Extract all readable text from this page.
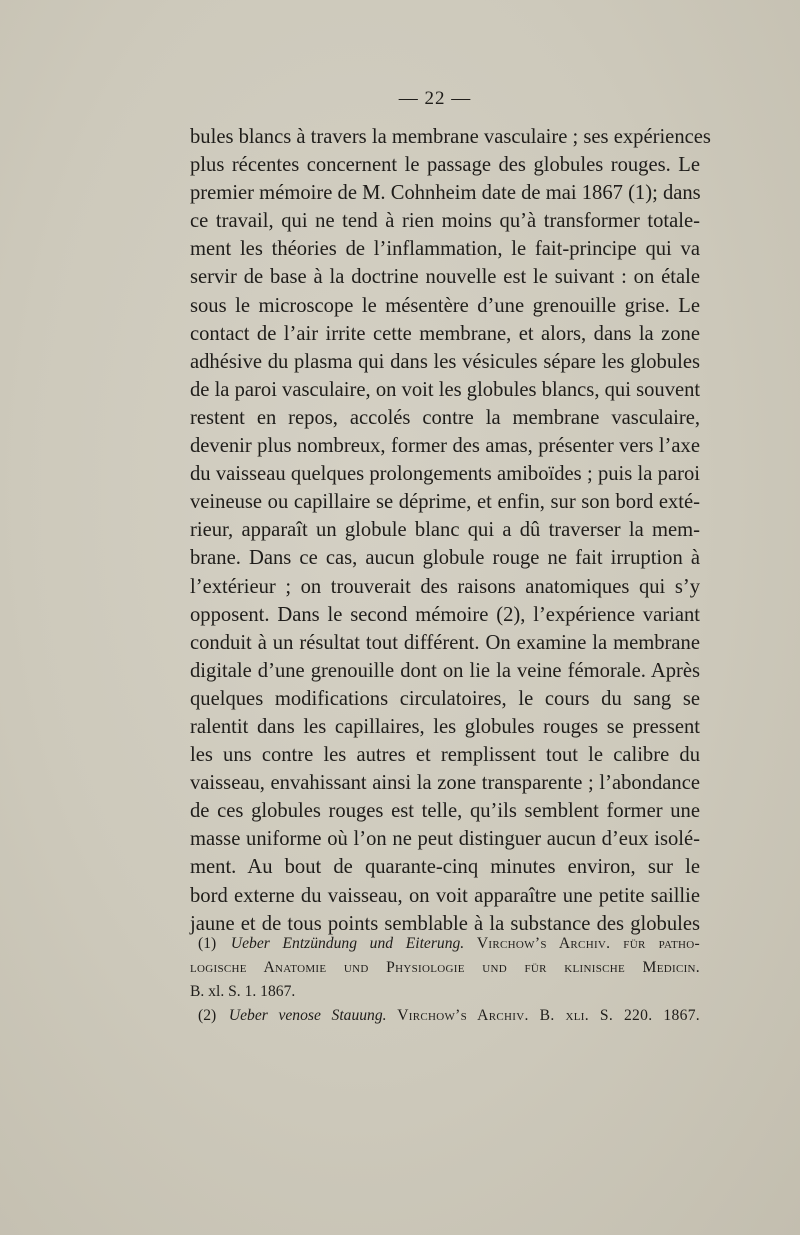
— 22 —
bules blancs à travers la membrane vasculaire ; ses expériences
plus récentes concernent le passage des globules rouges. Le
premier mémoire de M. Cohnheim date de mai 1867 (1); dans
ce travail, qui ne tend à rien moins qu’à transformer totale-
ment les théories de l’inflammation, le fait-principe qui va
servir de base à la doctrine nouvelle est le suivant : on étale
sous le microscope le mésentère d’une grenouille grise. Le
contact de l’air irrite cette membrane, et alors, dans la zone
adhésive du plasma qui dans les vésicules sépare les globules
de la paroi vasculaire, on voit les globules blancs, qui souvent
restent en repos, accolés contre la membrane vasculaire,
devenir plus nombreux, former des amas, présenter vers l’axe
du vaisseau quelques prolongements amiboïdes ; puis la paroi
veineuse ou capillaire se déprime, et enfin, sur son bord exté-
rieur, apparaît un globule blanc qui a dû traverser la mem-
brane. Dans ce cas, aucun globule rouge ne fait irruption à
l’extérieur ; on trouverait des raisons anatomiques qui s’y
opposent. Dans le second mémoire (2), l’expérience variant
conduit à un résultat tout différent. On examine la membrane
digitale d’une grenouille dont on lie la veine fémorale. Après
quelques modifications circulatoires, le cours du sang se
ralentit dans les capillaires, les globules rouges se pressent
les uns contre les autres et remplissent tout le calibre du
vaisseau, envahissant ainsi la zone transparente ; l’abondance
de ces globules rouges est telle, qu’ils semblent former une
masse uniforme où l’on ne peut distinguer aucun d’eux isolé-
ment. Au bout de quarante-cinq minutes environ, sur le
bord externe du vaisseau, on voit apparaître une petite saillie
jaune et de tous points semblable à la substance des globules
(1) Ueber Entzündung und Eiterung. Virchow’s Archiv. für patho-
logische Anatomie und Physiologie und für klinische Medicin.
B. xl. S. 1. 1867.
(2) Ueber venose Stauung. Virchow’s Archiv. B. xli. S. 220. 1867.
